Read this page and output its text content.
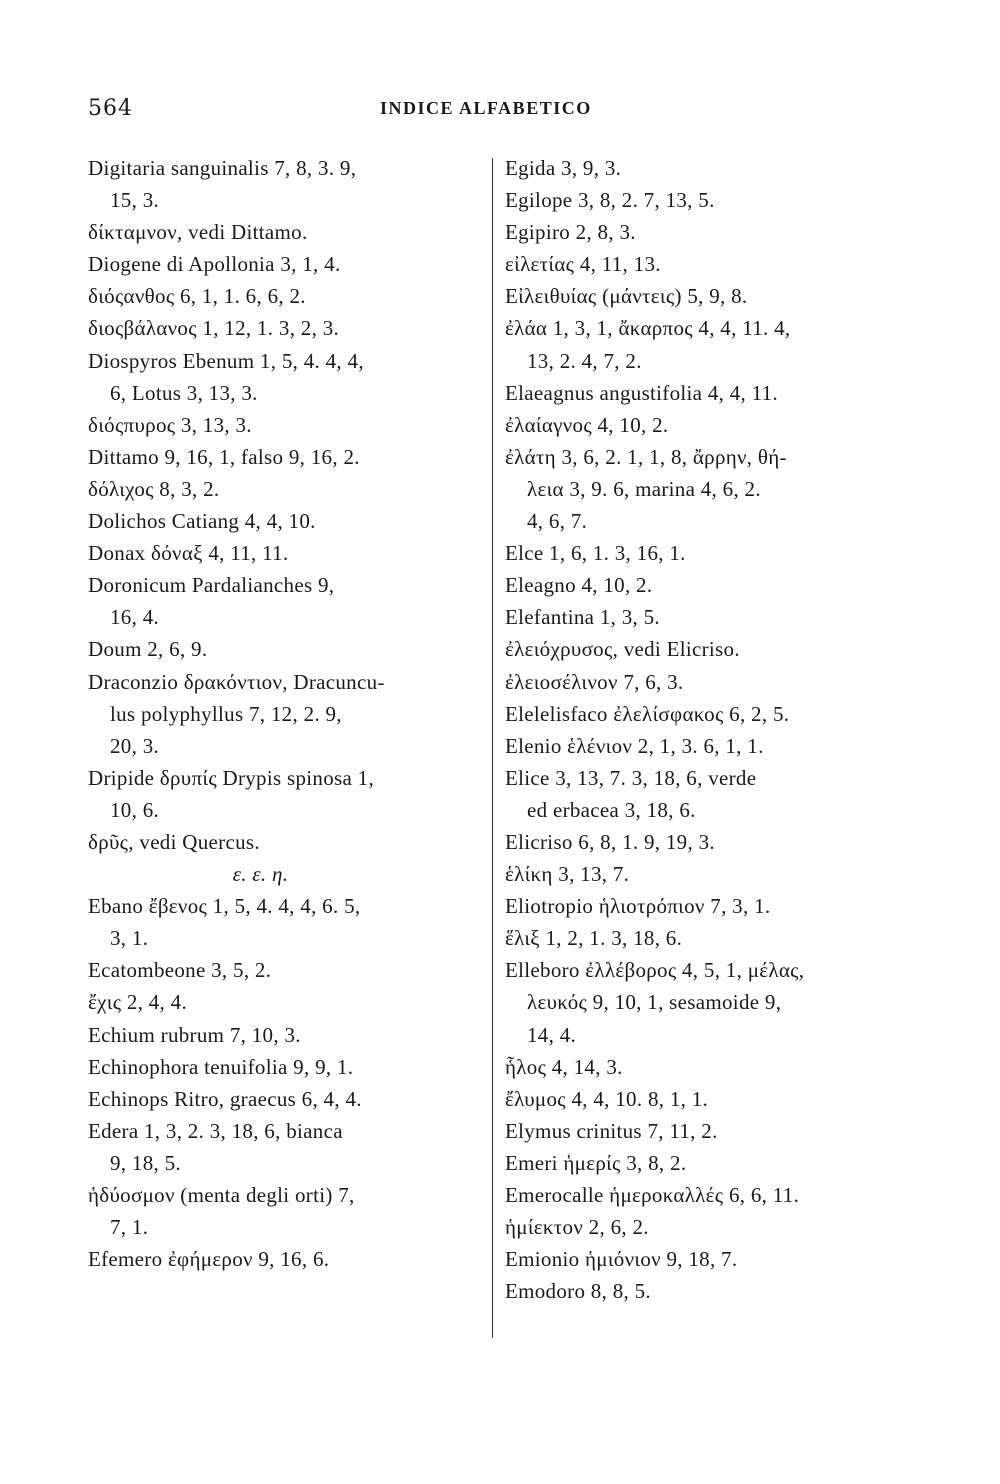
564	INDICE ALFABETICO
Digitaria sanguinalis 7, 8, 3. 9,
15, 3.
δίκταμνον, vedi Dittamo.
Diogene di Apollonia 3, 1, 4.
διόςανθος 6, 1, 1. 6, 6, 2.
διοςβάλανος 1, 12, 1. 3, 2, 3.
Diospyros Ebenum 1, 5, 4. 4, 4,
6, Lotus 3, 13, 3.
διόςπυρος 3, 13, 3.
Dittamo 9, 16, 1, falso 9, 16, 2.
δόλιχος 8, 3, 2.
Dolichos Catiang 4, 4, 10.
Donax δόναξ 4, 11, 11.
Doronicum Pardalianches 9,
16, 4.
Doum 2, 6, 9.
Draconzio δρακόντιον, Dracuncu-
lus polyphyllus 7, 12, 2. 9,
20, 3.
Dripide δρυπίς Drypis spinosa 1,
10, 6.
δρῦς, vedi Quercus.
ε. ε. η.
Ebano ἔβενος 1, 5, 4. 4, 4, 6. 5,
3, 1.
Ecatombeone 3, 5, 2.
ἔχις 2, 4, 4.
Echium rubrum 7, 10, 3.
Echinophora tenuifolia 9, 9, 1.
Echinops Ritro, graecus 6, 4, 4.
Edera 1, 3, 2. 3, 18, 6, bianca
9, 18, 5.
ἡδύοσμον (menta degli orti) 7,
7, 1.
Efemero ἐφήμερον 9, 16, 6.
Egida 3, 9, 3.
Egilope 3, 8, 2. 7, 13, 5.
Egipiro 2, 8, 3.
εἰλετίας 4, 11, 13.
Εἰλειθυίας (μάντεις) 5, 9, 8.
ἐλάα 1, 3, 1, ἄκαρπος 4, 4, 11. 4,
13, 2. 4, 7, 2.
Elaeagnus angustifolia 4, 4, 11.
ἐλαίαγνος 4, 10, 2.
ἐλάτη 3, 6, 2. 1, 1, 8, ἄρρην, θή-
λεια 3, 9. 6, marina 4, 6, 2.
4, 6, 7.
Elce 1, 6, 1. 3, 16, 1.
Eleagno 4, 10, 2.
Elefantina 1, 3, 5.
ἐλειόχρυσος, vedi Elicriso.
ἐλειοσέλινον 7, 6, 3.
Elelelisfaco ἐλελίσφακος 6, 2, 5.
Elenio ἑλένιον 2, 1, 3. 6, 1, 1.
Elice 3, 13, 7. 3, 18, 6, verde
ed erbacea 3, 18, 6.
Elicriso 6, 8, 1. 9, 19, 3.
ἑλίκη 3, 13, 7.
Eliotropio ἡλιοτρόπιον 7, 3, 1.
ἕλιξ 1, 2, 1. 3, 18, 6.
Elleboro ἐλλέβορος 4, 5, 1, μέλας,
λευκός 9, 10, 1, sesamoide 9,
14, 4.
ἧλος 4, 14, 3.
ἔλυμος 4, 4, 10. 8, 1, 1.
Elymus crinitus 7, 11, 2.
Emeri ἡμερίς 3, 8, 2.
Emerocalle ἡμεροκαλλές 6, 6, 11.
ἡμίεκτον 2, 6, 2.
Emionio ἡμιόνιον 9, 18, 7.
Emodoro 8, 8, 5.
